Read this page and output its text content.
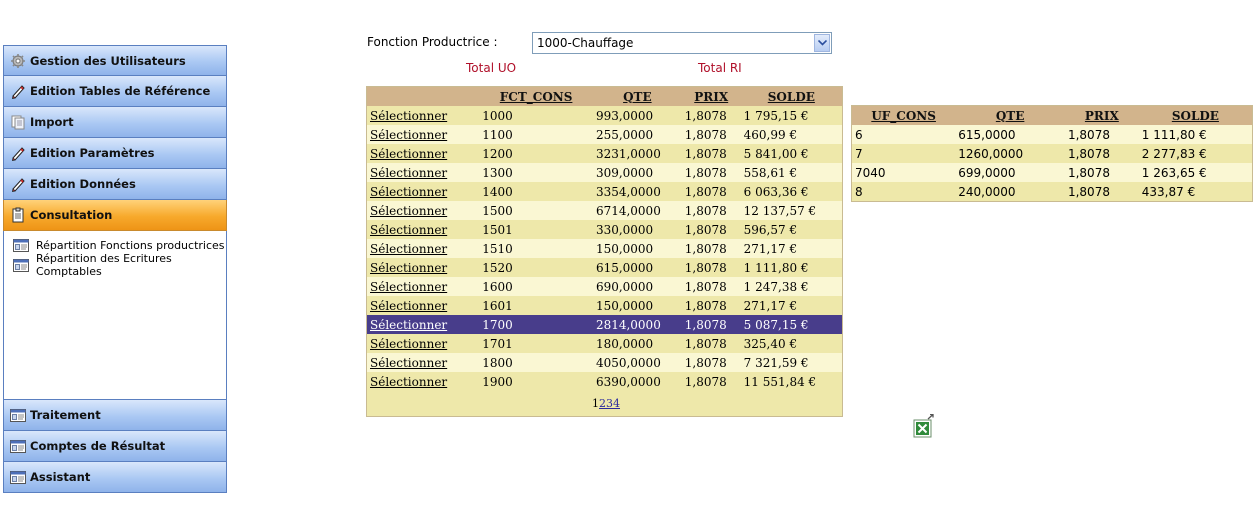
Gestion des Utilisateurs
Edition Tables de Référence
Import
Edition Paramètres
Edition Données
Consultation
Répartition Fonctions productrices
Répartition des Ecritures Comptables
Traitement
Comptes de Résultat
Assistant
Fonction Productrice :	1000-Chauffage
Total UO	Total RI
	FCT_CONS	QTE	PRIX	SOLDE
Sélectionner	1000	993,0000	1,8078	1 795,15 €
Sélectionner	1100	255,0000	1,8078	460,99 €
Sélectionner	1200	3231,0000	1,8078	5 841,00 €
Sélectionner	1300	309,0000	1,8078	558,61 €
Sélectionner	1400	3354,0000	1,8078	6 063,36 €
Sélectionner	1500	6714,0000	1,8078	12 137,57 €
Sélectionner	1501	330,0000	1,8078	596,57 €
Sélectionner	1510	150,0000	1,8078	271,17 €
Sélectionner	1520	615,0000	1,8078	1 111,80 €
Sélectionner	1600	690,0000	1,8078	1 247,38 €
Sélectionner	1601	150,0000	1,8078	271,17 €
Sélectionner	1700	2814,0000	1,8078	5 087,15 €
Sélectionner	1701	180,0000	1,8078	325,40 €
Sélectionner	1800	4050,0000	1,8078	7 321,59 €
Sélectionner	1900	6390,0000	1,8078	11 551,84 €
1234				
UF_CONS	QTE	PRIX	SOLDE
6	615,0000	1,8078	1 111,80 €
7	1260,0000	1,8078	2 277,83 €
7040	699,0000	1,8078	1 263,65 €
8	240,0000	1,8078	433,87 €
